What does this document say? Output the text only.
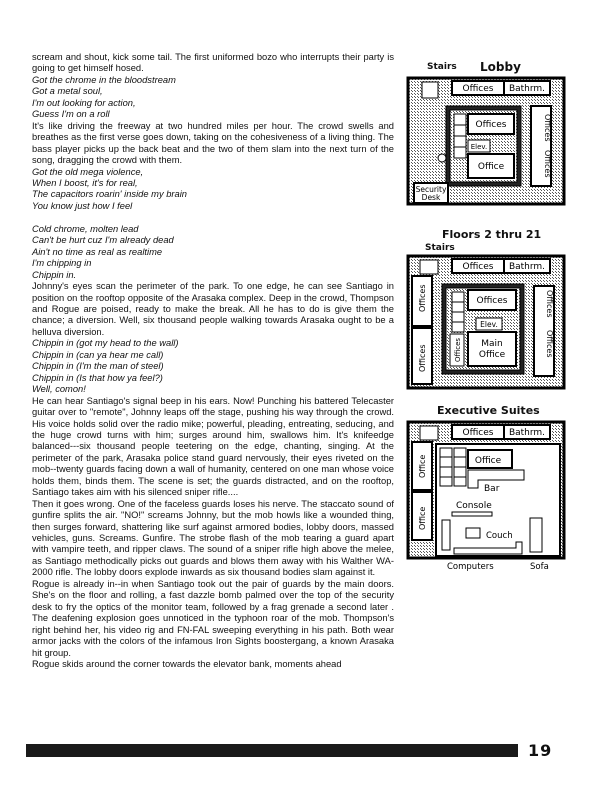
scream and shout, kick some tail. The first uniformed bozo who interrupts their party is going to get himself hosed.

Got the chrome in the bloodstream

Got a metal soul,

I'm out looking for action,

Guess I'm on a roll

It's like driving the freeway at two hundred miles per hour. The crowd swells and breathes as the first verse goes down, taking on the cohesiveness of a living thing. The bass player picks up the back beat and the two of them slam into the next turn of the song, dragging the crowd with them.

Got the old mega violence,

When I boost, it's for real,

The capacitors roarin' inside my brain

You know just how I feel

Cold chrome, molten lead

Can't be hurt cuz I'm already dead

Ain't no time as real as realtime

I'm chipping in

Chippin in.

Johnny's eyes scan the perimeter of the park. To one edge, he can see Santiago in position on the rooftop opposite of the Arasaka complex. Deep in the crowd, Thompson and Rogue are poised, ready to make the break. All he has to do is give them the chance; a diversion. Well, six thousand people walking towards Arasaka ought to be a helluva diversion.

Chippin in (got my head to the wall)

Chippin in (can ya hear me call)

Chippin in (I'm the man of steel)

Chippin in (Is that how ya feel?)

Well, comon!

He can hear Santiago's signal beep in his ears. Now! Punching his battered Telecaster guitar over to "remote", Johnny leaps off the stage, pushing his way through the crowd. His voice holds solid over the radio mike; powerful, pleading, entreating, seducing, and the huge crowd turns with him; surges around him, swallows him. It's knifeedge balanced---six thousand people teetering on the edge, chanting, singing. At the perimeter of the park, Arasaka police stand guard nervously, their eyes riveted on the mob--twenty guards facing down a wall of humanity, centered on one man whose voice holds them, binds them. The scene is set; the guards distracted, and on the rooftop, Santiago takes aim with his silenced sniper rifle....

Then it goes wrong. One of the faceless guards loses his nerve. The staccato sound of gunfire splits the air. "NO!" screams Johnny, but the mob howls like a wounded thing, then surges forward, shattering like surf against armored bodies, lobby doors, massed vehicles, guns. Screams. Gunfire. The strobe flash of the mob tearing a guard apart with vampire teeth, and ripper claws. The sound of a sniper rifle high above the melee, as Santiago methodically picks out guards and blows them away with his Walther WA-2000 rifle. The lobby doors explode inwards as six thousand bodies slam against it.

Rogue is already in--in when Santiago took out the pair of guards by the main doors. She's on the floor and rolling, a fast dazzle bomb palmed over the top of the security desk to fry the optics of the monitor team, followed by a frag grenade a second later . The deafening explosion goes unnoticed in the typhoon roar of the mob. Thompson's right behind her, his video rig and FN-FAL sweeping everything in his path. Both wear armor jacks with the colors of the infamous Iron Sights boostergang, a known Arasaka hit group.

Rogue skids around the corner towards the elevator bank, moments ahead

Stairs Lobby
Offices Bathrm.
Offices
Offices
Offices
Elev.
Office
Security
Desk
Floors 2 thru 21
Stairs
Offices Bathrm.
Offices
Offices
Offices
Offices
Offices
Elev.
Offices Main
Office
Executive Suites
Offices Bathrm.
Office
Office
Office
Bar
Console
Couch
Computers	Sofa
19
